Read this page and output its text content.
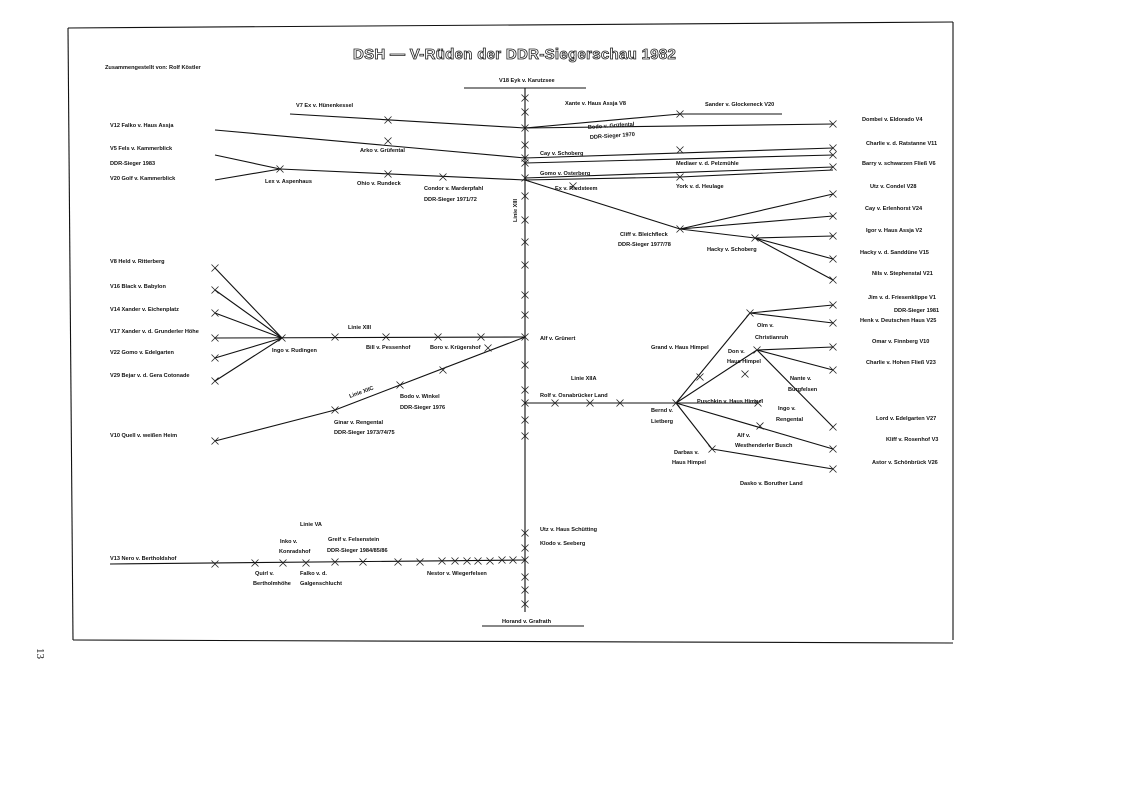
DSH — V-Rüden der DDR-Siegerschau 1982
Zusammengestellt von: Rolf Köstler
13
Linie XIII
Linie XIII
Linie XIIC
Linie XIIA
Linie VA
V18 Eyk v. Karutzsee
Horand v. Grafrath
V7 Ex v. Hünenkessel	Xante v. Haus Assja V8	Sander v. Glockeneck V20
V12 Falko v. Haus Assja	Bodo v. Grüfental
DDR-Sieger 1970
Dombei v. Eldorado V4
Arko v. Grüfental	Cay v. Schoberg
Charlie v. d. Ratstanne V11
V5 Fels v. Kammerblick
DDR-Sieger 1983	Mediaer v. d. Pelzmühle	Barry v. schwarzen Fließ V6
V20 Golf v. Kammerblick	Lex v. Aspenhaus	Ohio v. Rundeck
Condor v. Marderpfahl
DDR-Sieger 1971/72
Gomo v. Osterberg
York v. d. Heulage
Ex v. Riedsteem	Utz v. Condel V28
Cay v. Erlenhorst V24
Cliff v. Bleichfleck
DDR-Sieger 1977/78
Igor v. Haus Assja V2
Hacky v. Schoberg	Hacky v. d. Sanddüne V15
Nils v. Stephenstal V21
V8 Held v. Ritterberg
V16 Black v. Babylon
V14 Xander v. Eichenplatz
V17 Xander v. d. Grunderler Höhe
V22 Gomo v. Edelgarten
V29 Bejar v. d. Gera Cotonade
Ingo v. Rudingen	Bill v. Pessenhof	Boro v. Krügershof
Alf v. Grünert
Jim v. d. Friesenklippe V1
DDR-Sieger 1981
Olm v.
Christianruh
Henk v. Deutschen Haus V25
Grand v. Haus Himpel
Don v.
Haus Himpel
Omar v. Finnberg V10
Charlie v. Hohen Fließ V23
Nante v.
Burgfelsen
Rolf v. Osnabrücker Land
Puschkin v. Haus Himpel
Bodo v. Winkel
DDR-Sieger 1976	Ingo v.
Rengental
Bernd v.
Lietberg	Lord v. Edelgarten V27
Alf v.
Westhenderler Busch
Kliff v. Rosenhof V3
Ginar v. Rengental
DDR-Sieger 1973/74/75
V10 Quell v. weißen Heim
Darbas v.
Haus Himpel	Astor v. Schönbrück V26
Dasko v. Boruther Land
Utz v. Haus Schütting
Klodo v. Seeberg
Inko v.
Konradshof
Greif v. Felsenstein
DDR-Sieger 1984/85/86
V13 Nero v. Bertholdshof
Quirl v.
Bertholmhöhe
Falko v. d.
Galgenschlucht
Nestor v. Wiegerfelsen
